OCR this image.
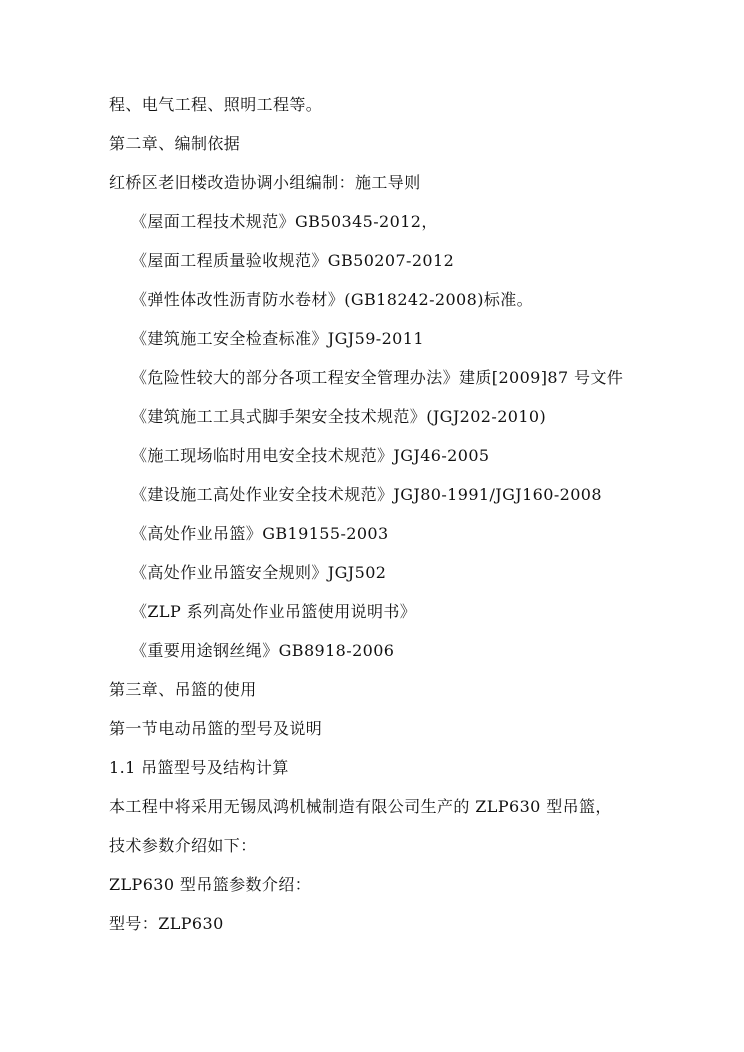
程、电气工程、照明工程等。
第二章、编制依据
红桥区老旧楼改造协调小组编制：施工导则
《屋面工程技术规范》GB50345-2012，
《屋面工程质量验收规范》GB50207-2012
《弹性体改性沥青防水卷材》(GB18242-2008)标准。
《建筑施工安全检查标准》JGJ59-2011
《危险性较大的部分各项工程安全管理办法》建质[2009]87 号文件
《建筑施工工具式脚手架安全技术规范》(JGJ202-2010)
《施工现场临时用电安全技术规范》JGJ46-2005
《建设施工高处作业安全技术规范》JGJ80-1991/JGJ160-2008
《高处作业吊篮》GB19155-2003
《高处作业吊篮安全规则》JGJ502
《ZLP 系列高处作业吊篮使用说明书》
《重要用途钢丝绳》GB8918-2006
第三章、吊篮的使用
第一节电动吊篮的型号及说明
1.1 吊篮型号及结构计算
本工程中将采用无锡凤鸿机械制造有限公司生产的 ZLP630 型吊篮，
技术参数介绍如下：
ZLP630 型吊篮参数介绍：
型号：ZLP630
